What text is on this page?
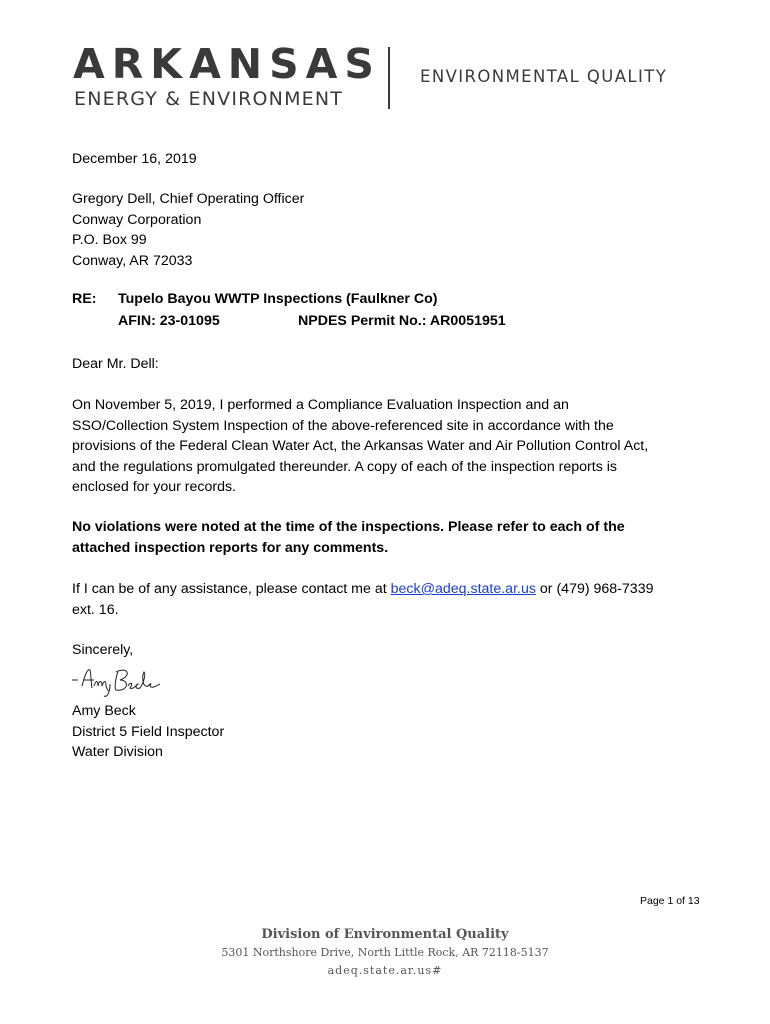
ARKANSAS
ENERGY & ENVIRONMENT
ENVIRONMENTAL QUALITY
December 16, 2019
Gregory Dell, Chief Operating Officer
Conway Corporation
P.O. Box 99
Conway, AR 72033
RE: Tupelo Bayou WWTP Inspections (Faulkner Co)
AFIN: 23-01095	NPDES Permit No.: AR0051951
Dear Mr. Dell:

On November 5, 2019, I performed a Compliance Evaluation Inspection and an

SSO/Collection System Inspection of the above-referenced site in accordance with the

provisions of the Federal Clean Water Act, the Arkansas Water and Air Pollution Control Act,

and the regulations promulgated thereunder. A copy of each of the inspection reports is

enclosed for your records.

No violations were noted at the time of the inspections. Please refer to each of the

attached inspection reports for any comments.

If I can be of any assistance, please contact me at beck@adeq.state.ar.us or (479) 968-7339

ext. 16.

Sincerely,
Amy Beck
District 5 Field Inspector
Water Division
Page 1 of 13
Division of Environmental Quality
5301 Northshore Drive, North Little Rock, AR 72118-5137
adeq.state.ar.us#
